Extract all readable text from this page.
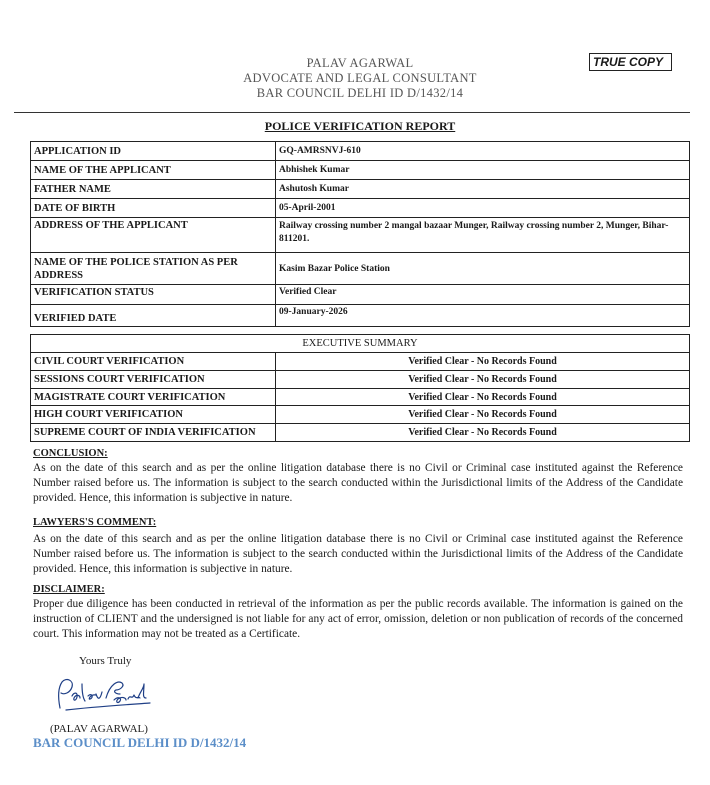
PALAV AGARWAL
ADVOCATE AND LEGAL CONSULTANT
BAR COUNCIL DELHI ID D/1432/14
TRUE COPY
POLICE VERIFICATION REPORT
APPLICATION ID	GQ-AMRSNVJ-610
NAME OF THE APPLICANT	Abhishek Kumar
FATHER NAME	Ashutosh Kumar
DATE OF BIRTH	05-April-2001
ADDRESS OF THE APPLICANT	Railway crossing number 2 mangal bazaar Munger, Railway crossing number 2, Munger, Bihar-811201.
NAME OF THE POLICE STATION AS PER ADDRESS	Kasim Bazar Police Station
VERIFICATION STATUS	Verified Clear
VERIFIED DATE	09-January-2026
EXECUTIVE SUMMARY	
CIVIL COURT VERIFICATION	Verified Clear - No Records Found
SESSIONS COURT VERIFICATION	Verified Clear - No Records Found
MAGISTRATE COURT VERIFICATION	Verified Clear - No Records Found
HIGH COURT VERIFICATION	Verified Clear - No Records Found
SUPREME COURT OF INDIA VERIFICATION	Verified Clear - No Records Found
CONCLUSION:
As on the date of this search and as per the online litigation database there is no Civil or Criminal case instituted against the Reference Number raised before us. The information is subject to the search conducted within the Jurisdictional limits of the Address of the Candidate provided. Hence, this information is subjective in nature.
LAWYERS'S COMMENT:
As on the date of this search and as per the online litigation database there is no Civil or Criminal case instituted against the Reference Number raised before us. The information is subject to the search conducted within the Jurisdictional limits of the Address of the Candidate provided. Hence, this information is subjective in nature.
DISCLAIMER:
Proper due diligence has been conducted in retrieval of the information as per the public records available. The information is gained on the instruction of CLIENT and the undersigned is not liable for any act of error, omission, deletion or non publication of records of the concerned court. This information may not be treated as a Certificate.
Yours Truly
(PALAV AGARWAL)
BAR COUNCIL DELHI ID D/1432/14
